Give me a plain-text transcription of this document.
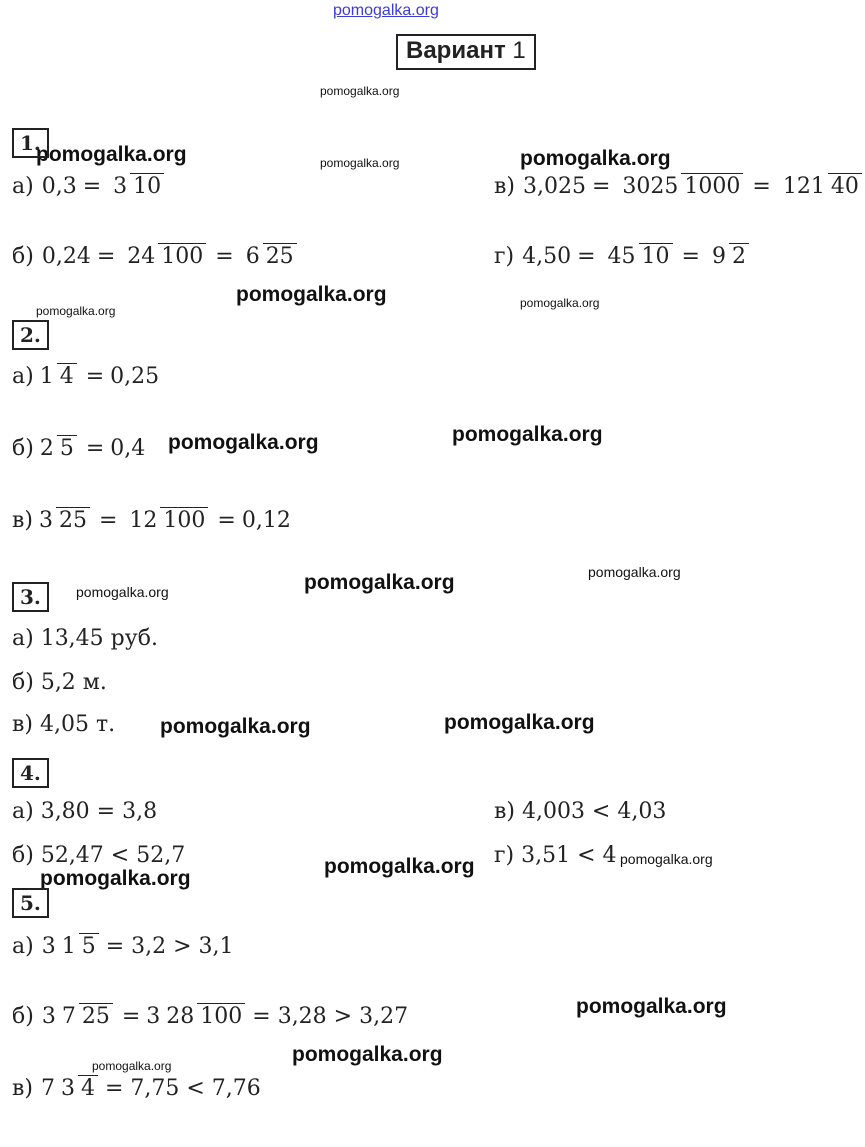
pomogalka.org
Вариант 1
pomogalka.org
pomogalka.org	pomogalka.org	pomogalka.org
pomogalka.org
pomogalka.org
pomogalka.org
pomogalka.org	pomogalka.org
pomogalka.org	pomogalka.org	pomogalka.org
pomogalka.org	pomogalka.org
pomogalka.org
pomogalka.org
pomogalka.org
pomogalka.org
pomogalka.org
pomogalka.org
1.
а) 0,3 = 3 10
б) 0,24 = 24 100 = 6 25
в) 3,025 = 3025 1000 = 121 40
г) 4,50 = 45 10 = 9 2
2.
а) 1 4 = 0,25
б) 2 5 = 0,4
в) 3 25 = 12 100 = 0,12
3.
а) 13,45 руб.
б) 5,2 м.
в) 4,05 т.
4.
а) 3,80 = 3,8
б) 52,47 < 52,7
в) 4,003 < 4,03
г) 3,51 < 4
5.
а) 3 1 5 = 3,2 > 3,1
б) 3 7 25 = 3 28 100 = 3,28 > 3,27
в) 7 3 4 = 7,75 < 7,76
